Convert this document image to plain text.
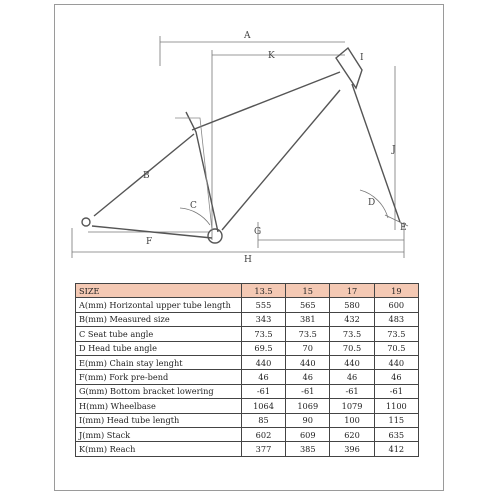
A
K
B
J
C	D
G
F
H
E
I
SIZE	13.5	15	17	19
A(mm) Horizontal upper tube length	555	565	580	600
B(mm) Measured size	343	381	432	483
C Seat tube angle	73.5	73.5	73.5	73.5
D Head tube angle	69.5	70	70.5	70.5
E(mm) Chain stay lenght	440	440	440	440
F(mm) Fork pre-bend	46	46	46	46
G(mm) Bottom bracket lowering	-61	-61	-61	-61
H(mm) Wheelbase	1064	1069	1079	1100
I(mm) Head tube length	85	90	100	115
J(mm) Stack	602	609	620	635
K(mm) Reach	377	385	396	412
